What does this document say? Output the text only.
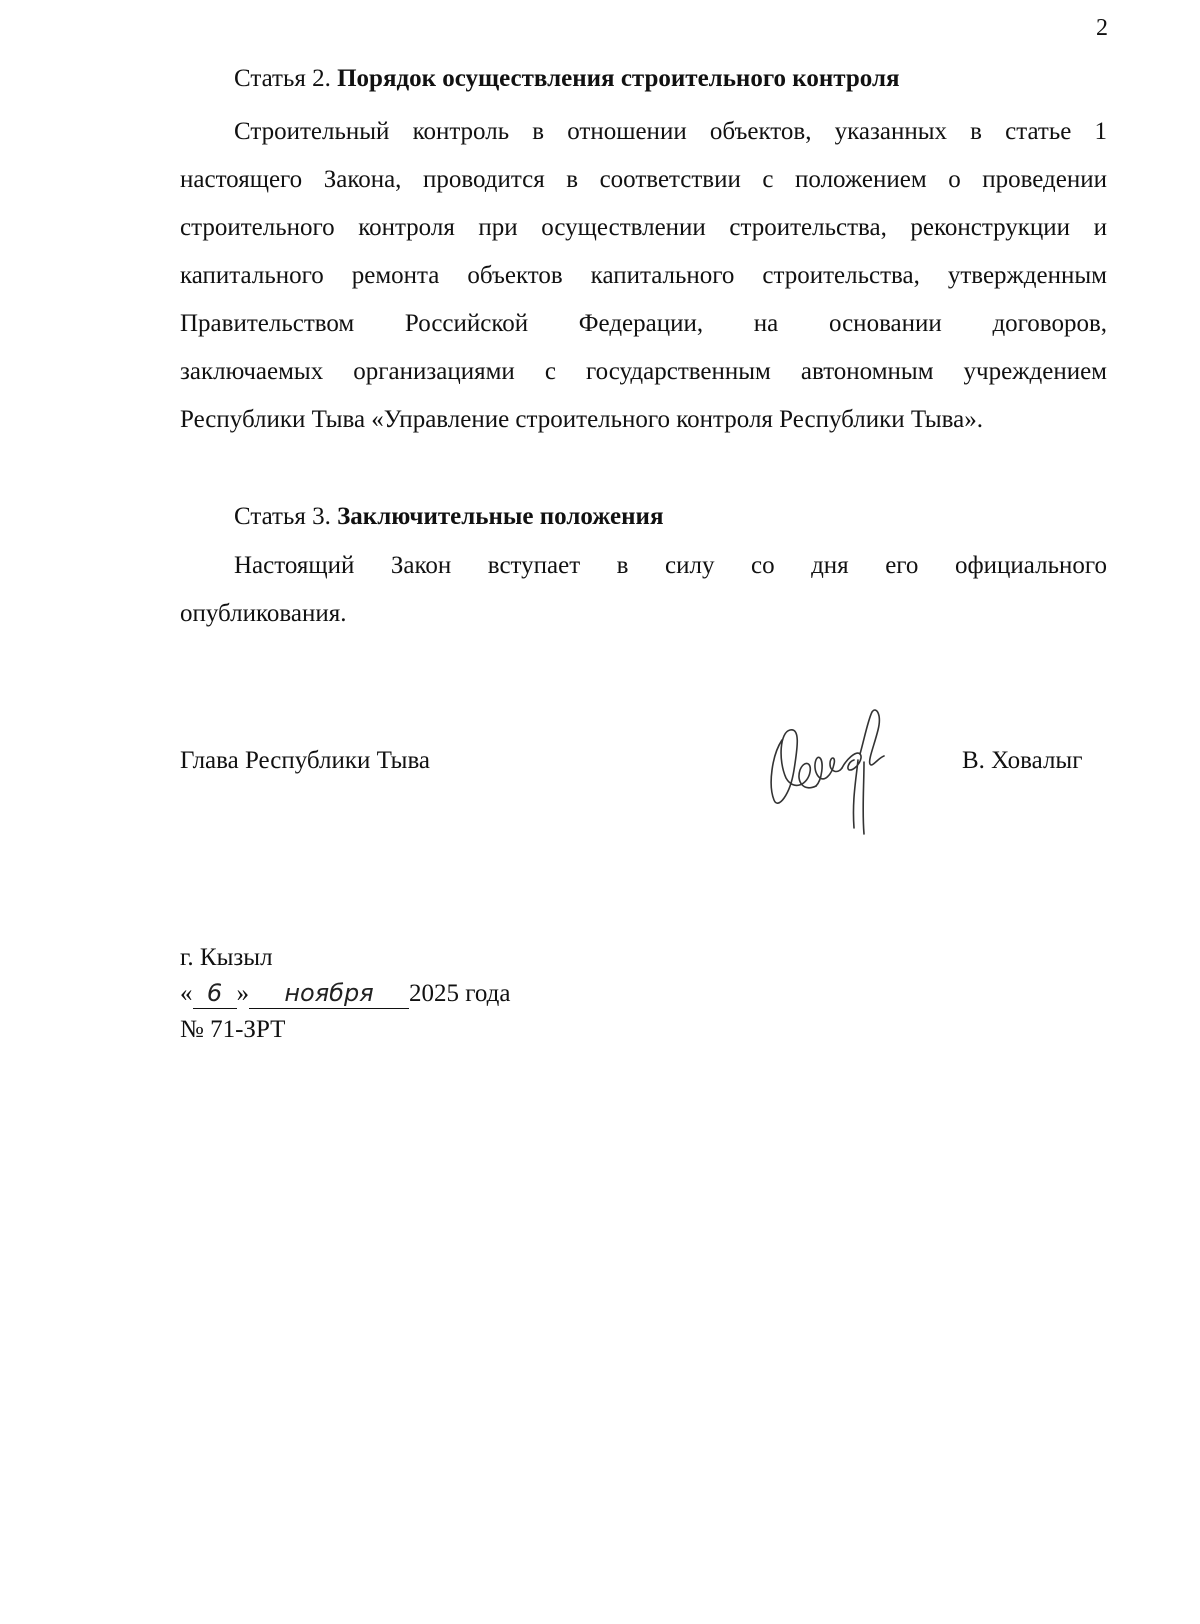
2
Статья 2. Порядок осуществления строительного контроля
Строительный контроль в отношении объектов, указанных в статье 1
настоящего Закона, проводится в соответствии с положением о проведении
строительного контроля при осуществлении строительства, реконструкции и
капитального ремонта объектов капитального строительства, утвержденным
Правительством Российской Федерации, на основании договоров,
заключаемых организациями с государственным автономным учреждением
Республики Тыва «Управление строительного контроля Республики Тыва».
Статья 3. Заключительные положения
Настоящий Закон вступает в силу со дня его официального
опубликования.
Глава Республики Тыва	В. Ховалыг
г. Кызыл
« 6 » ноября 2025 года
№ 71-ЗРТ
